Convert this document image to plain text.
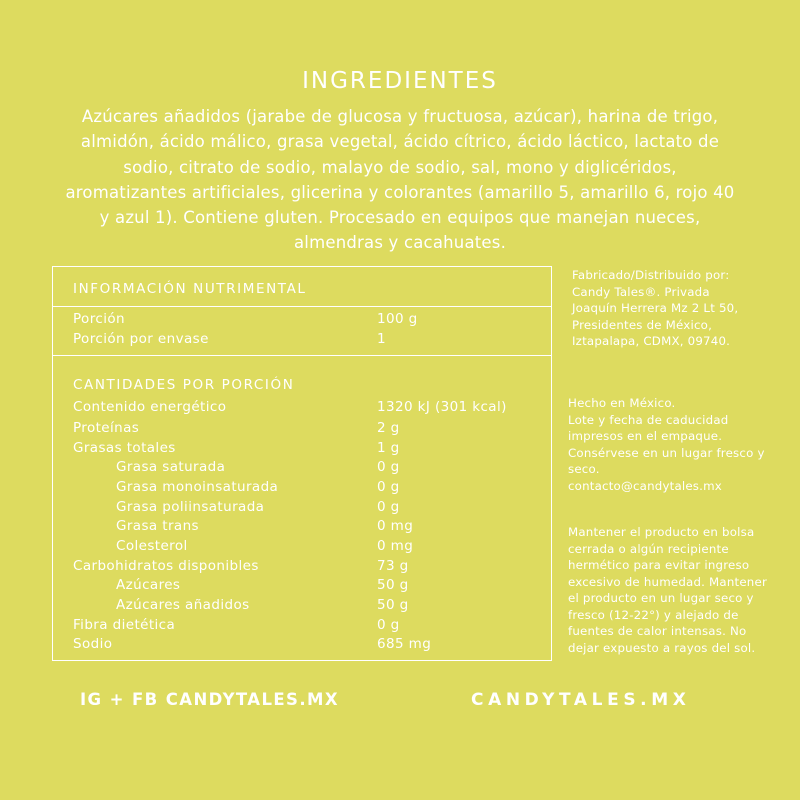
INGREDIENTES
Azúcares añadidos (jarabe de glucosa y fructuosa, azúcar), harina de trigo, almidón, ácido málico, grasa vegetal, ácido cítrico, ácido láctico, lactato de sodio, citrato de sodio, malayo de sodio, sal, mono y diglicéridos, aromatizantes artificiales, glicerina y colorantes (amarillo 5, amarillo 6, rojo 40 y azul 1). Contiene gluten. Procesado en equipos que manejan nueces, almendras y cacahuates.
INFORMACIÓN NUTRIMENTAL
Porción	100 g
Porción por envase	1
CANTIDADES POR PORCIÓN
Contenido energético	1320 kJ (301 kcal)
Proteínas	2 g
Grasas totales	1 g
Grasa saturada	0 g
Grasa monoinsaturada	0 g
Grasa poliinsaturada	0 g
Grasa trans	0 mg
Colesterol	0 mg
Carbohidratos disponibles	73 g
Azúcares	50 g
Azúcares añadidos	50 g
Fibra dietética	0 g
Sodio	685 mg
Fabricado/Distribuido por: Candy Tales®. Privada Joaquín Herrera Mz 2 Lt 50, Presidentes de México, Iztapalapa, CDMX, 09740.
Hecho en México.
Lote y fecha de caducidad impresos en el empaque.
Consérvese en un lugar fresco y seco.
contacto@candytales.mx
Mantener el producto en bolsa cerrada o algún recipiente hermético para evitar ingreso excesivo de humedad. Mantener el producto en un lugar seco y fresco (12-22°) y alejado de fuentes de calor intensas. No dejar expuesto a rayos del sol.
IG + FB CANDYTALES.MX	CANDYTALES.MX
